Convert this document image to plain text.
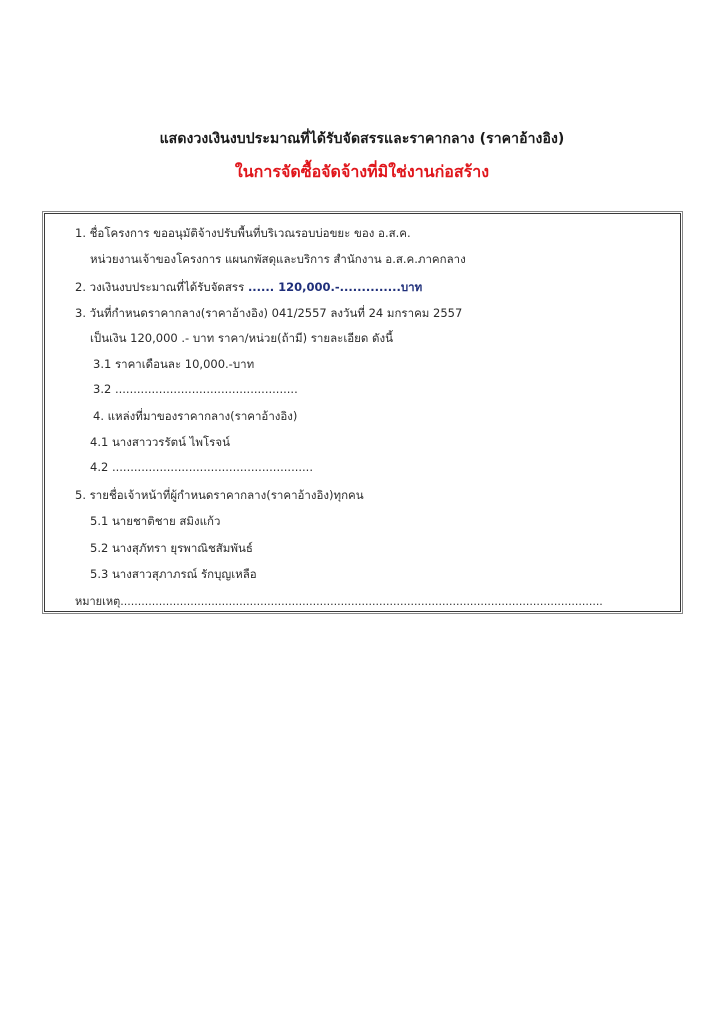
แสดงวงเงินงบประมาณที่ได้รับจัดสรรและราคากลาง (ราคาอ้างอิง)
ในการจัดซื้อจัดจ้างที่มิใช่งานก่อสร้าง
1. ชื่อโครงการ ขออนุมัติจ้างปรับพื้นที่บริเวณรอบบ่อขยะ ของ อ.ส.ค.
หน่วยงานเจ้าของโครงการ แผนกพัสดุและบริการ สำนักงาน อ.ส.ค.ภาคกลาง
2. วงเงินงบประมาณที่ได้รับจัดสรร ...... 120,000.-..............บาท
3. วันที่กำหนดราคากลาง(ราคาอ้างอิง) 041/2557 ลงวันที่ 24 มกราคม 2557
เป็นเงิน 120,000 .- บาท ราคา/หน่วย(ถ้ามี) รายละเอียด ดังนี้
3.1 ราคาเดือนละ 10,000.-บาท
3.2 ..................................................
4. แหล่งที่มาของราคากลาง(ราคาอ้างอิง)
4.1 นางสาววรรัตน์ ไพโรจน์
4.2 .......................................................
5. รายชื่อเจ้าหน้าที่ผู้กำหนดราคากลาง(ราคาอ้างอิง)ทุกคน
5.1 นายชาติชาย สมิงแก้ว
5.2 นางสุภัทรา ยุรพาณิชสัมพันธ์
5.3 นางสาวสุภาภรณ์ รักบุญเหลือ
หมายเหตุ..........................................................................................................................................
